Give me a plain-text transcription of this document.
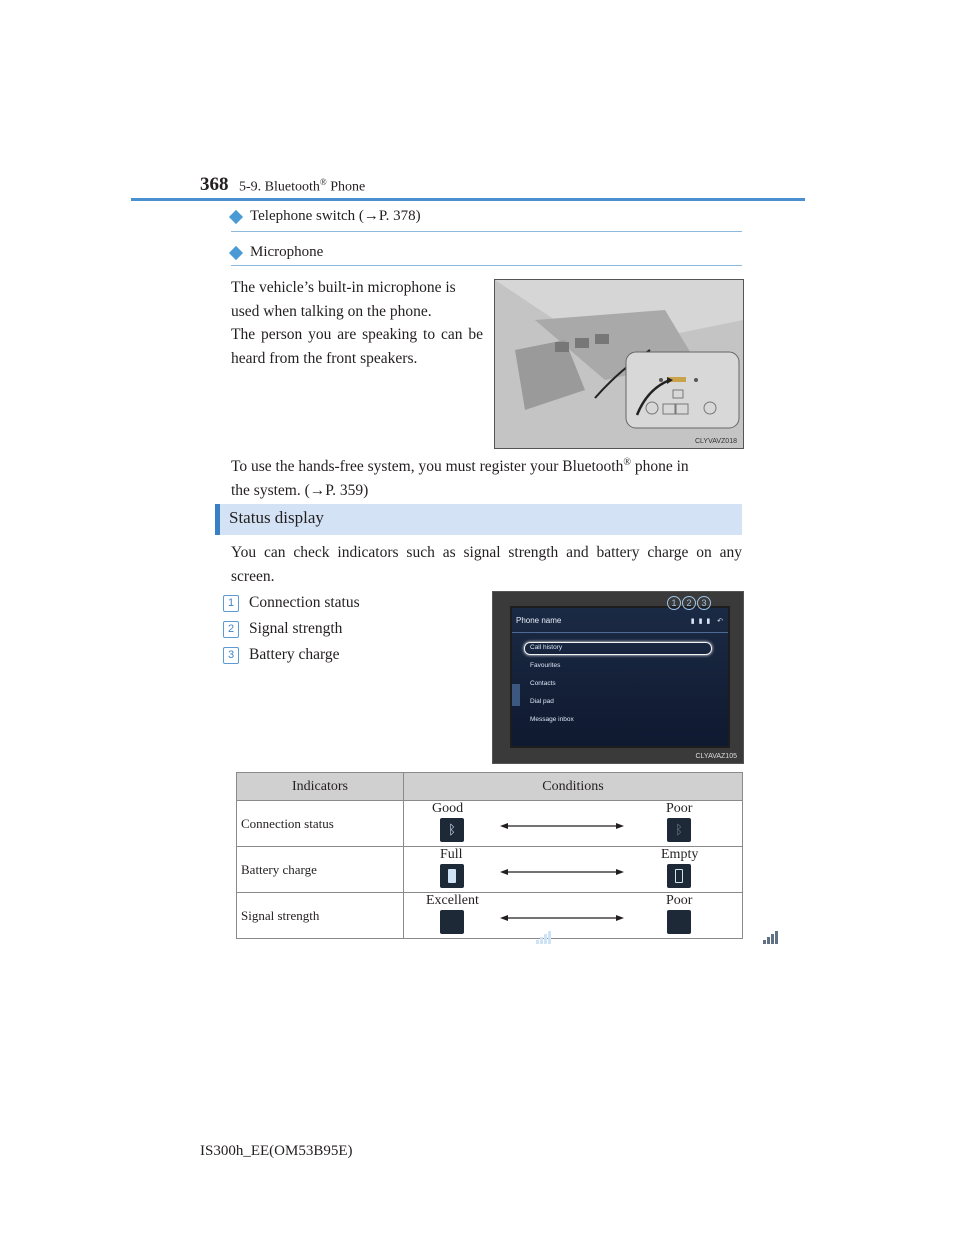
368 5-9. Bluetooth® Phone
Telephone switch (→P. 378)
Microphone
The vehicle’s built-in microphone is used when talking on the phone.
The person you are speaking to can be heard from the front speakers.
CLYVAVZ018
To use the hands-free system, you must register your Bluetooth® phone in
the system. (→P. 359)
Status display
You can check indicators such as signal strength and battery charge on any screen.
1 Connection status
2 Signal strength
3 Battery charge
Phone name	▮ ▮ ▮  ↶
Call history
Favourites
Contacts
Dial pad
Message inbox
1	2	3
CLYAVAZ105
Indicators	Conditions
Connection status	Good Poor
ᛒ ᛒ

Battery charge	Full Empty

Signal strength	Excellent Poor
IS300h_EE(OM53B95E)
